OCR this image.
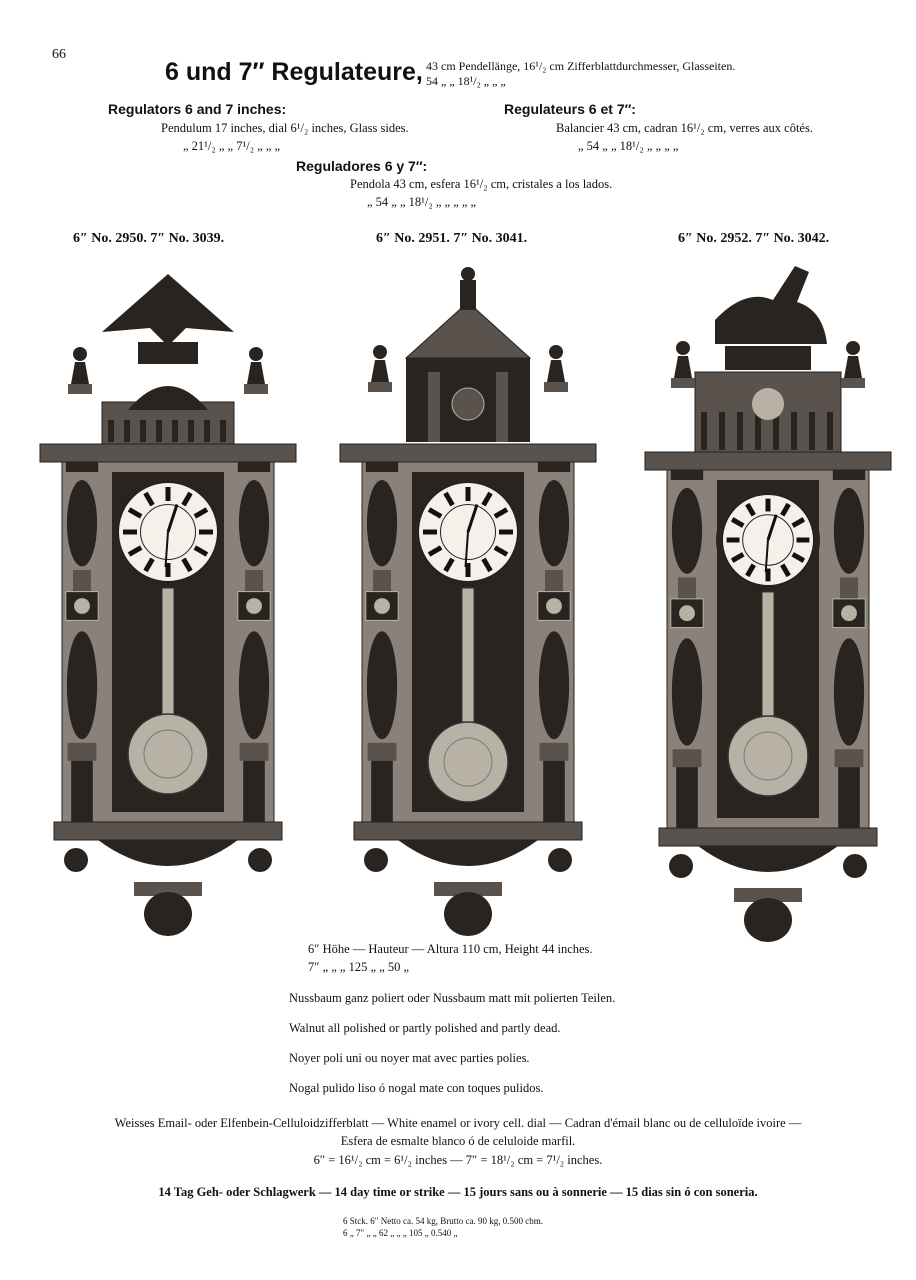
66
6 und 7″ Regulateure, 43 cm Pendellänge, 16¹/₂ cm Zifferblattdurchmesser, Glasseiten.
54 „ „ 18¹/₂ „ „ „
Regulators 6 and 7 inches:
Pendulum 17 inches, dial 6¹/₂ inches, Glass sides.
„ 21¹/₂ „ „ 7¹/₂ „ „ „
Regulateurs 6 et 7″:
Balancier 43 cm, cadran 16¹/₂ cm, verres aux côtés.
„ 54 „ „ 18¹/₂ „ „ „ „
Reguladores 6 y 7″:
Pendola 43 cm, esfera 16¹/₂ cm, cristales a los lados.
„ 54 „ „ 18¹/₂ „ „ „ „ „
6″ No. 2950. 7″ No. 3039.	6″ No. 2951. 7″ No. 3041.	6″ No. 2952. 7″ No. 3042.
6″ Höhe — Hauteur — Altura 110 cm, Height 44 inches.
7″ „ „ „ 125 „ „ 50 „
Nussbaum ganz poliert oder Nussbaum matt mit polierten Teilen.
Walnut all polished or partly polished and partly dead.
Noyer poli uni ou noyer mat avec parties polies.
Nogal pulido liso ó nogal mate con toques pulidos.
Weisses Email- oder Elfenbein-Celluloidzifferblatt — White enamel or ivory cell. dial — Cadran d'émail blanc ou de celluloïde ivoire —
Esfera de esmalte blanco ó de celuloide marfil.
6″ = 16¹/₂ cm = 6¹/₂ inches — 7″ = 18¹/₂ cm = 7¹/₂ inches.
14 Tag Geh- oder Schlagwerk — 14 day time or strike — 15 jours sans ou à sonnerie — 15 dias sin ó con soneria.
6 Stck. 6″ Netto ca. 54 kg, Brutto ca. 90 kg, 0.500 cbm.
6 „ 7″ „ „ 62 „ „ „ 105 „ 0.540 „
